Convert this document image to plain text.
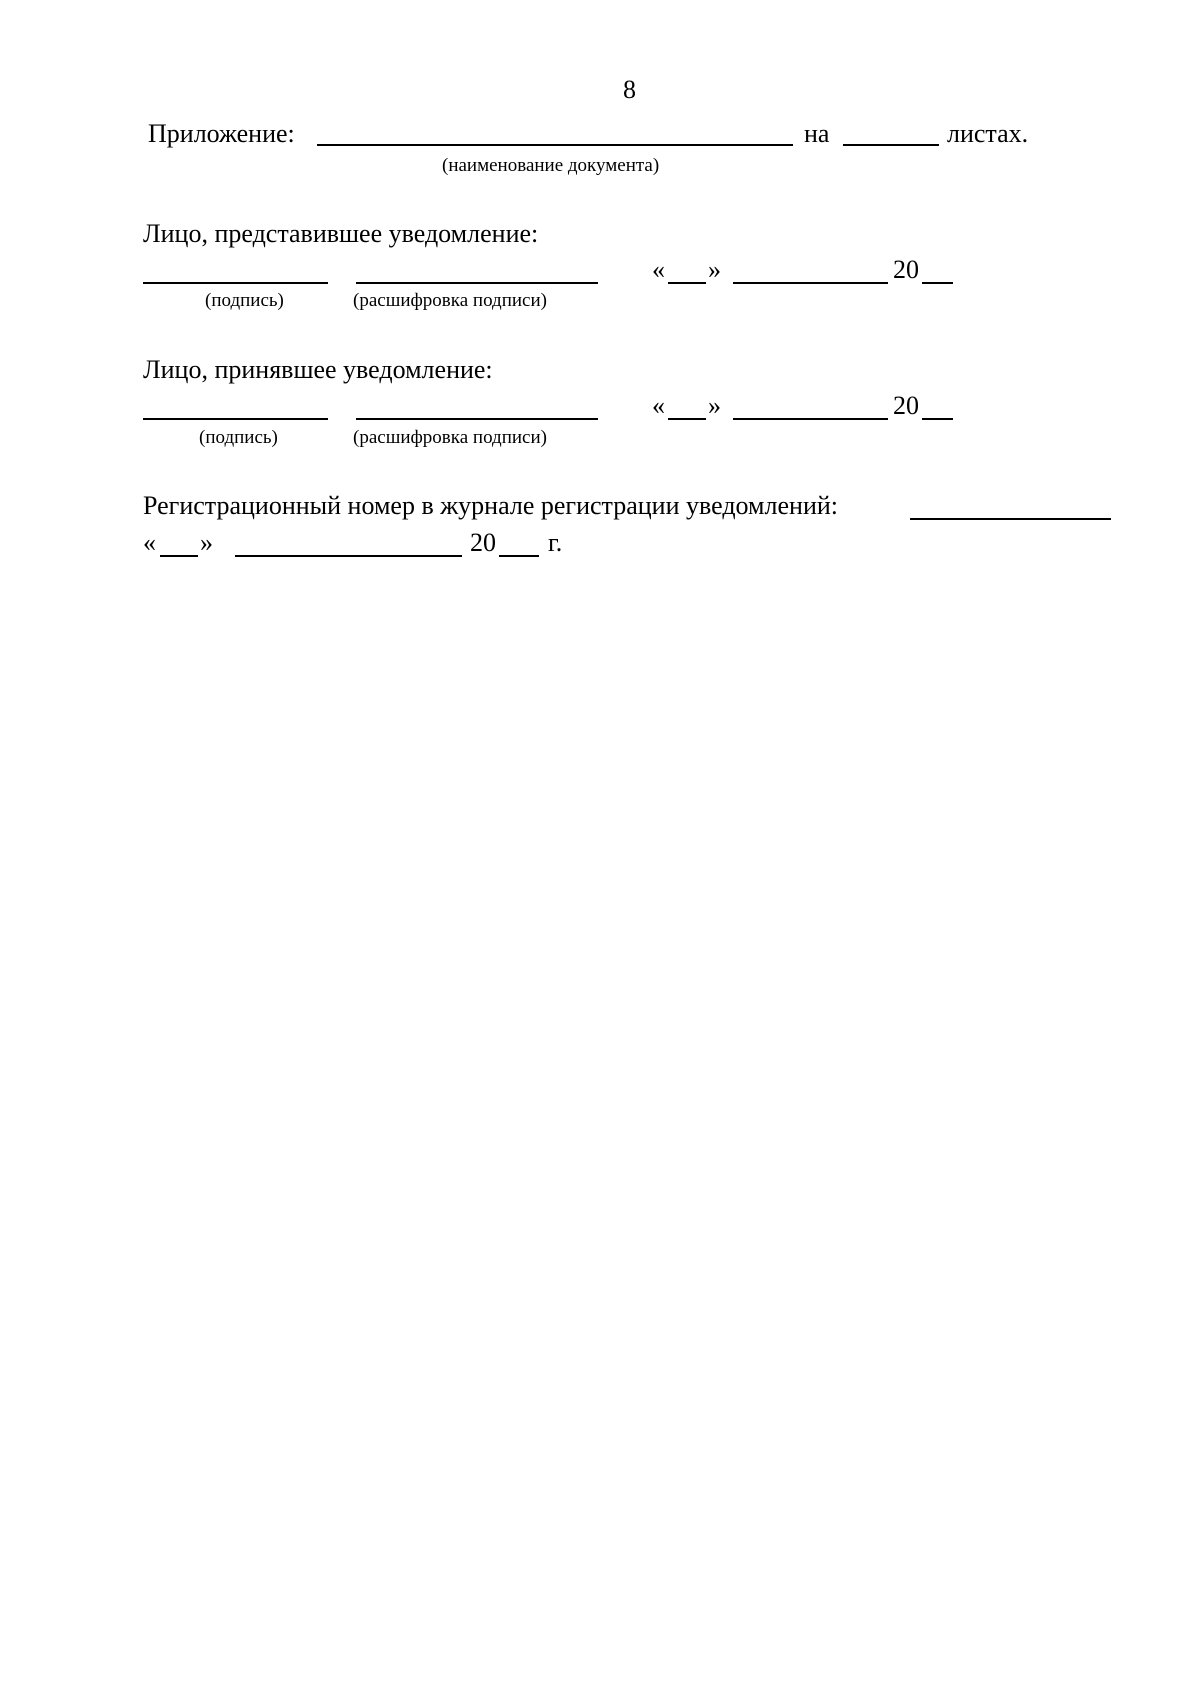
8
Приложение:	на	листах.
(наименование документа)
Лицо, представившее уведомление:
« »	20
(подпись)	(расшифровка подписи)
Лицо, принявшее уведомление:
« »	20
(подпись)	(расшифровка подписи)
Регистрационный номер в журнале регистрации уведомлений:
« »	20 г.
